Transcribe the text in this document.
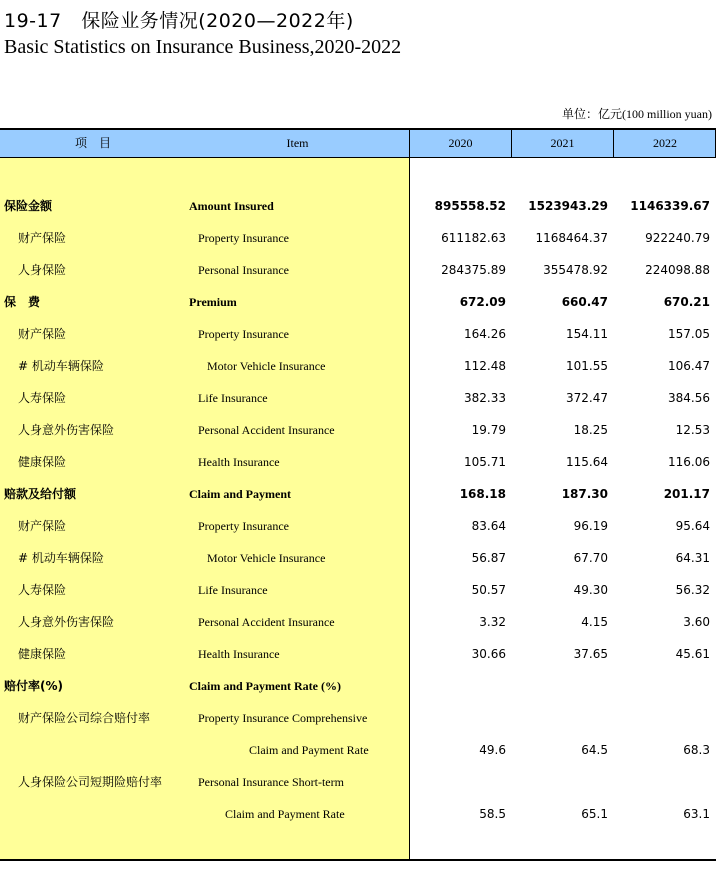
19-17　保险业务情况(2020—2022年)
Basic Statistics on Insurance Business,2020-2022
单位：亿元(100 million yuan)
项　目	Item	2020	2021	2022
保险金额	Amount Insured	895558.52	1523943.29	1146339.67
财产保险	Property Insurance	611182.63	1168464.37	922240.79
人身保险	Personal Insurance	284375.89	355478.92	224098.88
保　费	Premium	672.09	660.47	670.21
财产保险	Property Insurance	164.26	154.11	157.05
# 机动车辆保险	Motor Vehicle Insurance	112.48	101.55	106.47
人寿保险	Life Insurance	382.33	372.47	384.56
人身意外伤害保险	Personal Accident Insurance	19.79	18.25	12.53
健康保险	Health Insurance	105.71	115.64	116.06
赔款及给付额	Claim and Payment	168.18	187.30	201.17
财产保险	Property Insurance	83.64	96.19	95.64
# 机动车辆保险	Motor Vehicle Insurance	56.87	67.70	64.31
人寿保险	Life Insurance	50.57	49.30	56.32
人身意外伤害保险	Personal Accident Insurance	3.32	4.15	3.60
健康保险	Health Insurance	30.66	37.65	45.61
赔付率(%)	Claim and Payment Rate (%)
财产保险公司综合赔付率	Property Insurance Comprehensive
Claim and Payment Rate	49.6	64.5	68.3
人身保险公司短期险赔付率	Personal Insurance Short-term
Claim and Payment Rate	58.5	65.1	63.1
